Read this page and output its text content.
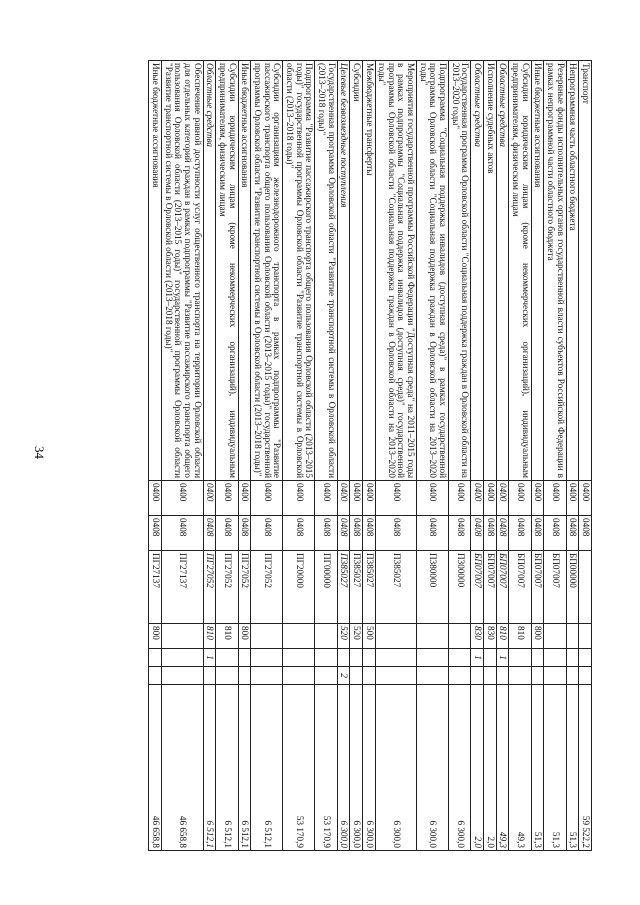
34
Транспорт	0400	0408					59 522,2
Непрограммная часть областного бюджета	0400	0408	БП00000				51,3
Резервные фонды исполнительных органов государственной власти субъектов Российской Федерации в рамках непрограммной части областного бюджета	0400	0408	БП07007				51,3
Иные бюджетные ассигнования	0400	0408	БП07007	800			51,3
Субсидии юридическим лицам (кроме некоммерческих организаций), индивидуальным предпринимателям, физическим лицам	0400	0408	БП07007	810			49,3
Областные средства	0400	0408	БП07007	810	1		49,3
Исполнение судебных актов	0400	0408	БП07007	830			2,0
Областные средства	0400	0408	БП07007	830	1		2,0
Государственная программа Орловской области "Социальная поддержка граждан в Орловской области на 2013–2020 годы"	0400	0408	П300000				6 300,0
Подпрограмма "Социальная поддержка инвалидов (доступная среда)" в рамках государственной программы Орловской области "Социальная поддержка граждан в Орловской области на 2013–2020 годы"	0400	0408	П380000				6 300,0
Мероприятия государственной программы Российской Федерации "Доступная среда" на 2011–2015 годы в рамках подпрограммы "Социальная поддержка инвалидов (доступная среда)" государственной программы Орловской области "Социальная поддержка граждан в Орловской области на 2013–2020 годы"	0400	0408	П385027				6 300,0
Межбюджетные трансферты	0400	0408	П385027	500			6 300,0
Субсидии	0400	0408	П385027	520			6 300,0
Целевые безвозмездные поступления	0400	0408	П385027	520		2	6 300,0
Государственная программа Орловской области "Развитие транспортной системы в Орловской области (2013–2018 годы)"	0400	0408	ПГ00000				53 170,9
Подпрограмма "Развитие пассажирского транспорта общего пользования Орловской области (2013–2015 годы)" государственной программы Орловской области "Развитие транспортной системы в Орловской области (2013–2018 годы)"	0400	0408	ПГ20000				53 170,9
Субсидии организациям железнодорожного транспорта в рамках подпрограммы "Развитие пассажирского транспорта общего пользования Орловской области (2013–2015 годы)" государственной программы Орловской области "Развитие транспортной системы в Орловской области (2013–2018 годы)"	0400	0408	ПГ27052				6 512,1
Иные бюджетные ассигнования	0400	0408	ПГ27052	800			6 512,1
Субсидии юридическим лицам (кроме некоммерческих организаций), индивидуальным предпринимателям, физическим лицам	0400	0408	ПГ27052	810			6 512,1
Областные средства	0400	0408	ПГ27052	810	1		6 512,1
Обеспечение равной доступности услуг общественного транспорта на территории Орловской области для отдельных категорий граждан в рамках подпрограммы "Развитие пассажирского транспорта общего пользования Орловской области (2013–2015 годы)" государственной программы Орловской области "Развитие транспортной системы в Орловской области (2013–2018 годы)"	0400	0408	ПГ27137				46 658,8
Иные бюджетные ассигнования	0400	0408	ПГ27137	800			46 658,8
